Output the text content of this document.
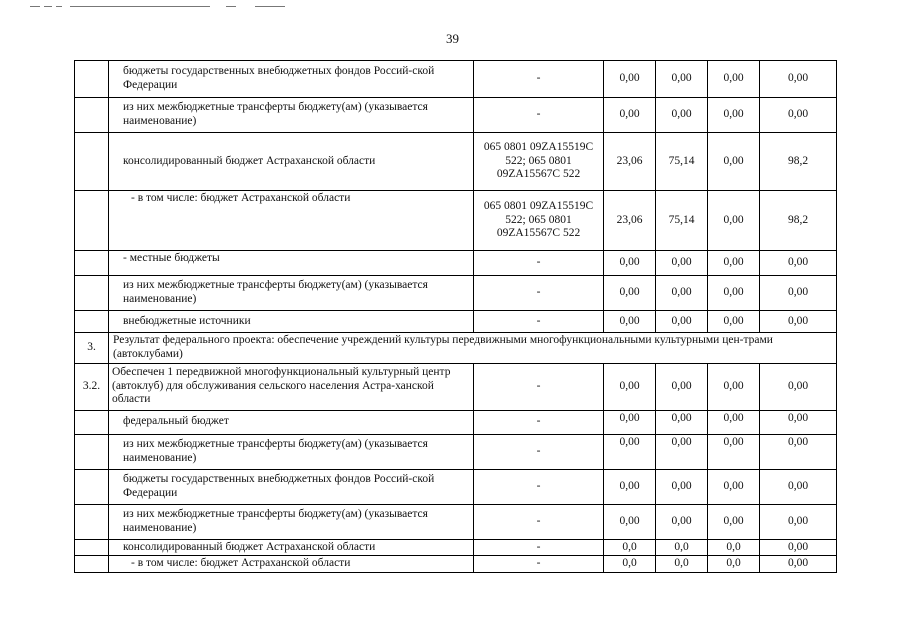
39
	бюджеты государственных внебюджетных фондов Россий-ской Федерации	-	0,00	0,00	0,00	0,00
	из них межбюджетные трансферты бюджету(ам) (указывается наименование)	-	0,00	0,00	0,00	0,00
	консолидированный бюджет Астраханской области	065 0801 09ZA15519С 522; 065 0801 09ZA15567С 522	23,06	75,14	0,00	98,2
	- в том числе: бюджет Астраханской области	065 0801 09ZA15519С 522; 065 0801 09ZA15567С 522	23,06	75,14	0,00	98,2
	- местные бюджеты	-	0,00	0,00	0,00	0,00
	из них межбюджетные трансферты бюджету(ам) (указывается наименование)	-	0,00	0,00	0,00	0,00
	внебюджетные источники	-	0,00	0,00	0,00	0,00
3.	Результат федерального проекта: обеспечение учреждений культуры передвижными многофункциональными культурными цен-трами (автоклубами)					
3.2.	Обеспечен 1 передвижной многофункциональный культурный центр (автоклуб) для обслуживания сельского населения Астра-ханской области	-	0,00	0,00	0,00	0,00
	федеральный бюджет	-	0,00	0,00	0,00	0,00
	из них межбюджетные трансферты бюджету(ам) (указывается наименование)	-	0,00	0,00	0,00	0,00
	бюджеты государственных внебюджетных фондов Россий-ской Федерации	-	0,00	0,00	0,00	0,00
	из них межбюджетные трансферты бюджету(ам) (указывается наименование)	-	0,00	0,00	0,00	0,00
	консолидированный бюджет Астраханской области	-	0,0	0,0	0,0	0,00
	- в том числе: бюджет Астраханской области	-	0,0	0,0	0,0	0,00
